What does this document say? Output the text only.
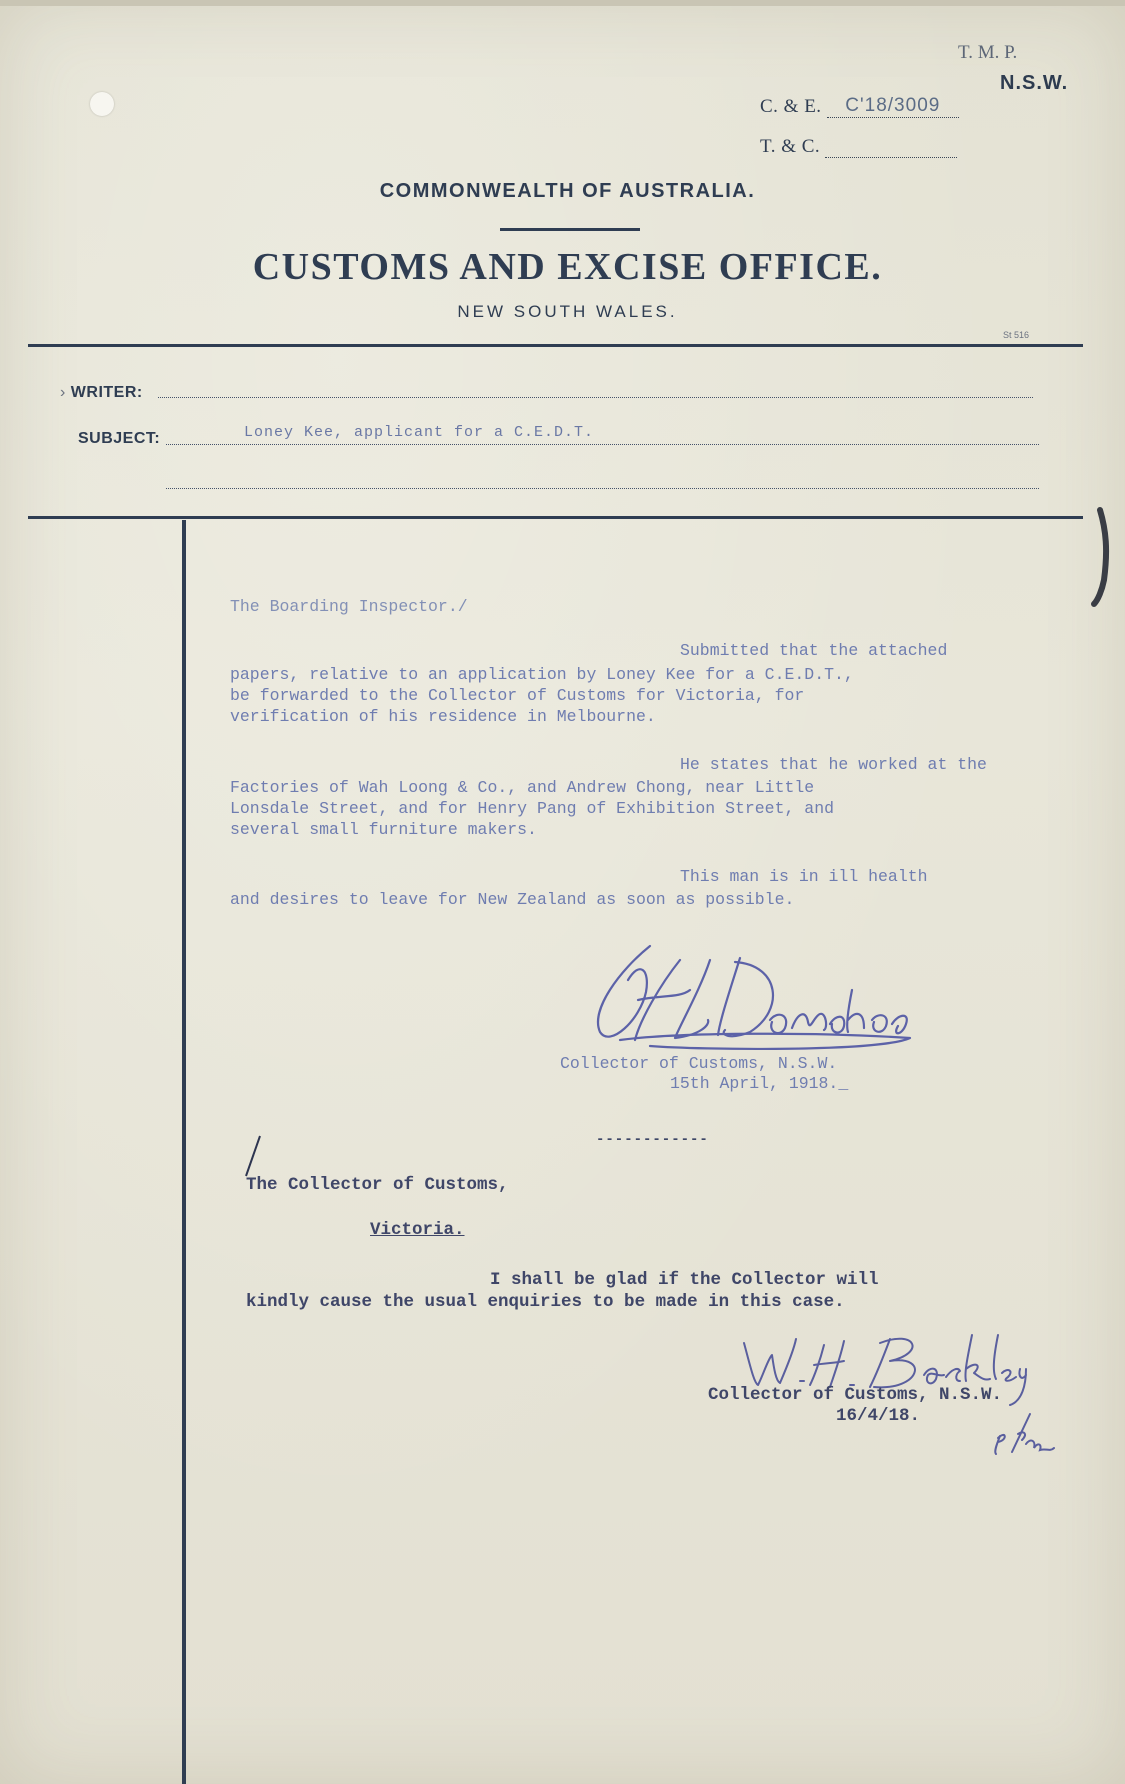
T. M. P.
N.S.W.
C. & E. C'18/3009
T. & C.
COMMONWEALTH OF AUSTRALIA.
CUSTOMS AND EXCISE OFFICE.
NEW SOUTH WALES.
St 516
› WRITER:
SUBJECT:	Loney Kee, applicant for a C.E.D.T.
The Boarding Inspector./
Submitted that the attached
papers, relative to an application by Loney Kee for a C.E.D.T.,
be forwarded to the Collector of Customs for Victoria, for
verification of his residence in Melbourne.
He states that he worked at the
Factories of Wah Loong & Co., and Andrew Chong, near Little
Lonsdale Street, and for Henry Pang of Exhibition Street, and
several small furniture makers.
This man is in ill health
and desires to leave for New Zealand as soon as possible.
Collector of Customs, N.S.W.
15th April, 1918._
------------
The Collector of Customs,
Victoria.
I shall be glad if the Collector will
kindly cause the usual enquiries to be made in this case.
Collector of Customs, N.S.W.
16/4/18.
